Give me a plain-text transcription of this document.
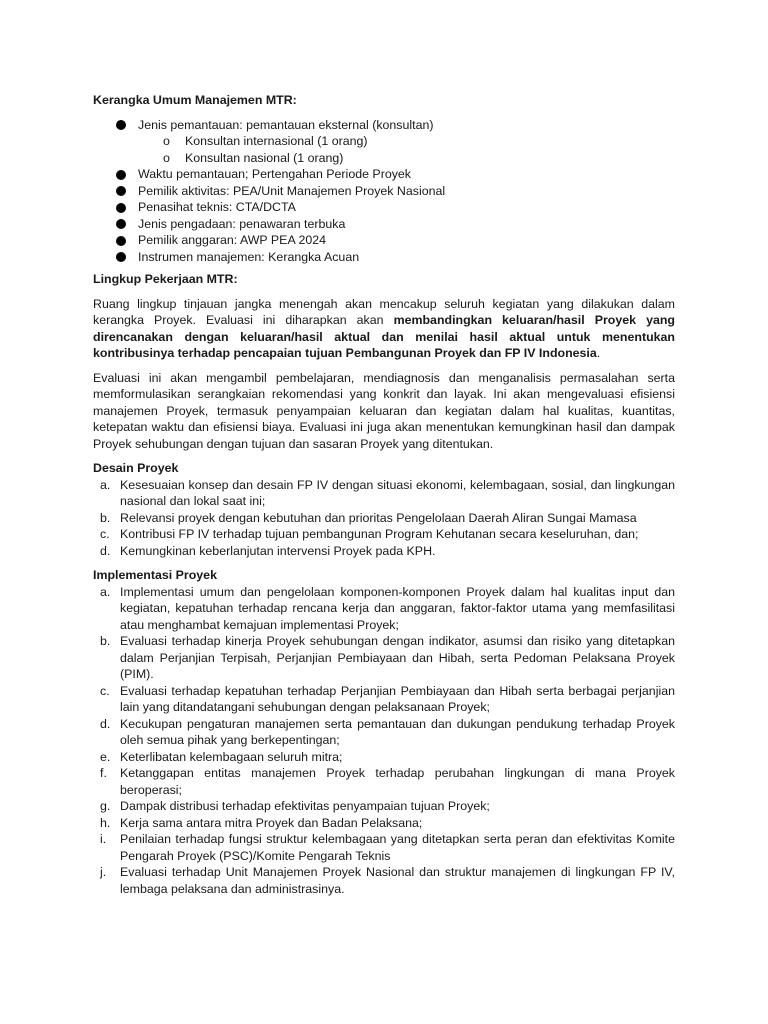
Kerangka Umum Manajemen MTR:

Jenis pemantauan: pemantauan eksternal (konsultan)
o Konsultan internasional (1 orang)
o Konsultan nasional (1 orang)
Waktu pemantauan; Pertengahan Periode Proyek
Pemilik aktivitas: PEA/Unit Manajemen Proyek Nasional
Penasihat teknis: CTA/DCTA
Jenis pengadaan: penawaran terbuka
Pemilik anggaran: AWP PEA 2024
Instrumen manajemen: Kerangka Acuan

Lingkup Pekerjaan MTR:

Ruang lingkup tinjauan jangka menengah akan mencakup seluruh kegiatan yang dilakukan dalam kerangka Proyek. Evaluasi ini diharapkan akan membandingkan keluaran/hasil Proyek yang direncanakan dengan keluaran/hasil aktual dan menilai hasil aktual untuk menentukan kontribusinya terhadap pencapaian tujuan Pembangunan Proyek dan FP IV Indonesia.

Evaluasi ini akan mengambil pembelajaran, mendiagnosis dan menganalisis permasalahan serta memformulasikan serangkaian rekomendasi yang konkrit dan layak. Ini akan mengevaluasi efisiensi manajemen Proyek, termasuk penyampaian keluaran dan kegiatan dalam hal kualitas, kuantitas, ketepatan waktu dan efisiensi biaya. Evaluasi ini juga akan menentukan kemungkinan hasil dan dampak Proyek sehubungan dengan tujuan dan sasaran Proyek yang ditentukan.

Desain Proyek

a. Kesesuaian konsep dan desain FP IV dengan situasi ekonomi, kelembagaan, sosial, dan lingkungan nasional dan lokal saat ini;
b. Relevansi proyek dengan kebutuhan dan prioritas Pengelolaan Daerah Aliran Sungai Mamasa
c. Kontribusi FP IV terhadap tujuan pembangunan Program Kehutanan secara keseluruhan, dan;
d. Kemungkinan keberlanjutan intervensi Proyek pada KPH.

Implementasi Proyek

a. Implementasi umum dan pengelolaan komponen-komponen Proyek dalam hal kualitas input dan kegiatan, kepatuhan terhadap rencana kerja dan anggaran, faktor-faktor utama yang memfasilitasi atau menghambat kemajuan implementasi Proyek;
b. Evaluasi terhadap kinerja Proyek sehubungan dengan indikator, asumsi dan risiko yang ditetapkan dalam Perjanjian Terpisah, Perjanjian Pembiayaan dan Hibah, serta Pedoman Pelaksana Proyek (PIM).
c. Evaluasi terhadap kepatuhan terhadap Perjanjian Pembiayaan dan Hibah serta berbagai perjanjian lain yang ditandatangani sehubungan dengan pelaksanaan Proyek;
d. Kecukupan pengaturan manajemen serta pemantauan dan dukungan pendukung terhadap Proyek oleh semua pihak yang berkepentingan;
e. Keterlibatan kelembagaan seluruh mitra;
f. Ketanggapan entitas manajemen Proyek terhadap perubahan lingkungan di mana Proyek beroperasi;
g. Dampak distribusi terhadap efektivitas penyampaian tujuan Proyek;
h. Kerja sama antara mitra Proyek dan Badan Pelaksana;
i. Penilaian terhadap fungsi struktur kelembagaan yang ditetapkan serta peran dan efektivitas Komite Pengarah Proyek (PSC)/Komite Pengarah Teknis
j. Evaluasi terhadap Unit Manajemen Proyek Nasional dan struktur manajemen di lingkungan FP IV, lembaga pelaksana dan administrasinya.
